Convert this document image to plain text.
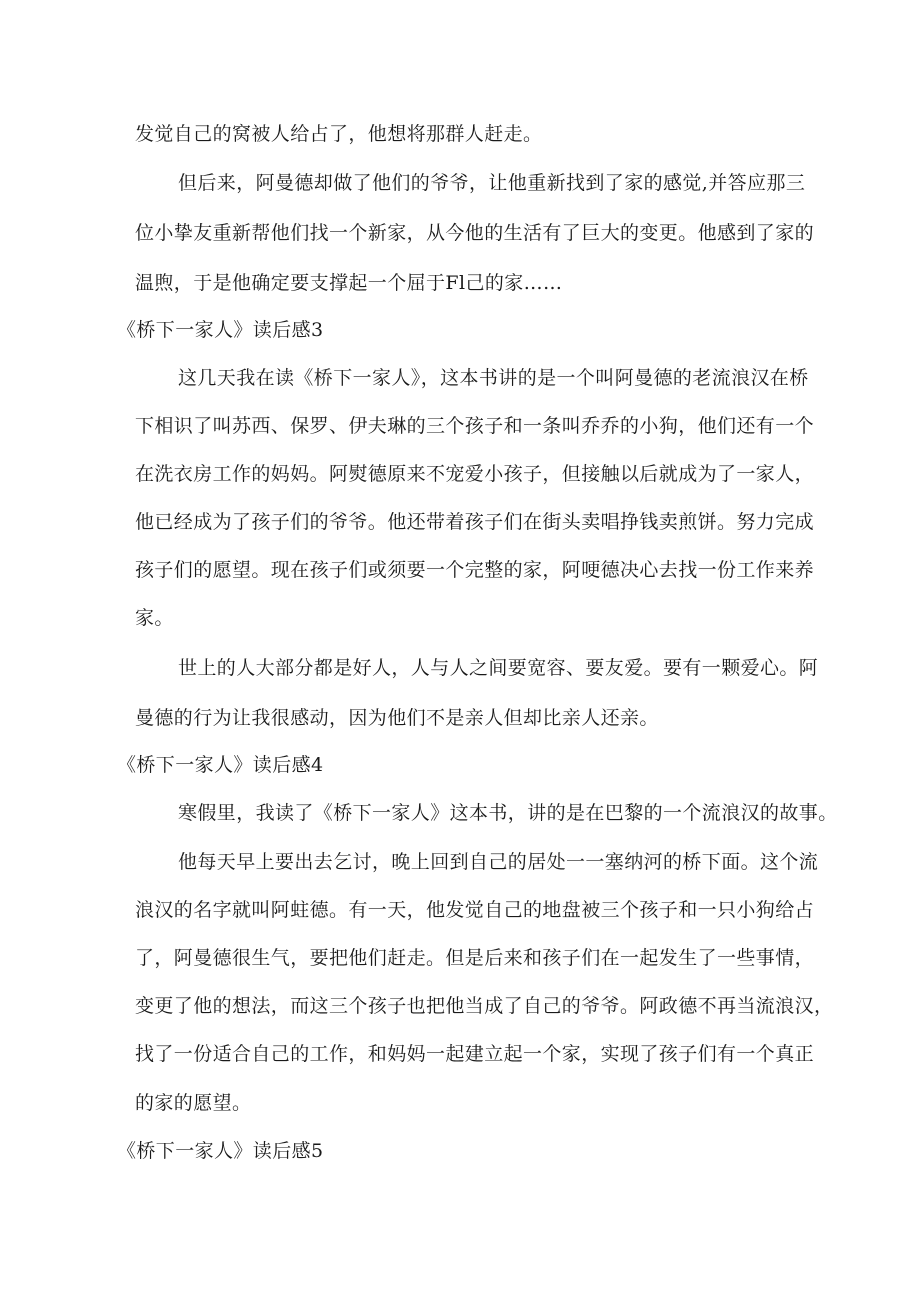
发觉自己的窝被人给占了，他想将那群人赶走。
但后来，阿曼德却做了他们的爷爷，让他重新找到了家的感觉,并答应那三
位小挚友重新帮他们找一个新家，从今他的生活有了巨大的变更。他感到了家的
温煦，于是他确定要支撑起一个屈于Fl己的家……
《桥下一家人》读后感3
这几天我在读《桥下一家人》，这本书讲的是一个叫阿曼德的老流浪汉在桥
下相识了叫苏西、保罗、伊夫琳的三个孩子和一条叫乔乔的小狗，他们还有一个
在洗衣房工作的妈妈。阿熨德原来不宠爱小孩子，但接触以后就成为了一家人，
他已经成为了孩子们的爷爷。他还带着孩子们在街头卖唱挣钱卖煎饼。努力完成
孩子们的愿望。现在孩子们或须要一个完整的家，阿哽德决心去找一份工作来养
家。
世上的人大部分都是好人，人与人之间要宽容、要友爱。要有一颗爱心。阿
曼德的行为让我很感动，因为他们不是亲人但却比亲人还亲。
《桥下一家人》读后感4
寒假里，我读了《桥下一家人》这本书，讲的是在巴黎的一个流浪汉的故事。
他每天早上要出去乞讨，晚上回到自己的居处一一塞纳河的桥下面。这个流
浪汉的名字就叫阿蛀德。有一天，他发觉自己的地盘被三个孩子和一只小狗给占
了，阿曼德很生气，要把他们赶走。但是后来和孩子们在一起发生了一些事情，
变更了他的想法，而这三个孩子也把他当成了自己的爷爷。阿政德不再当流浪汉，
找了一份适合自己的工作，和妈妈一起建立起一个家，实现了孩子们有一个真正
的家的愿望。
《桥下一家人》读后感5
